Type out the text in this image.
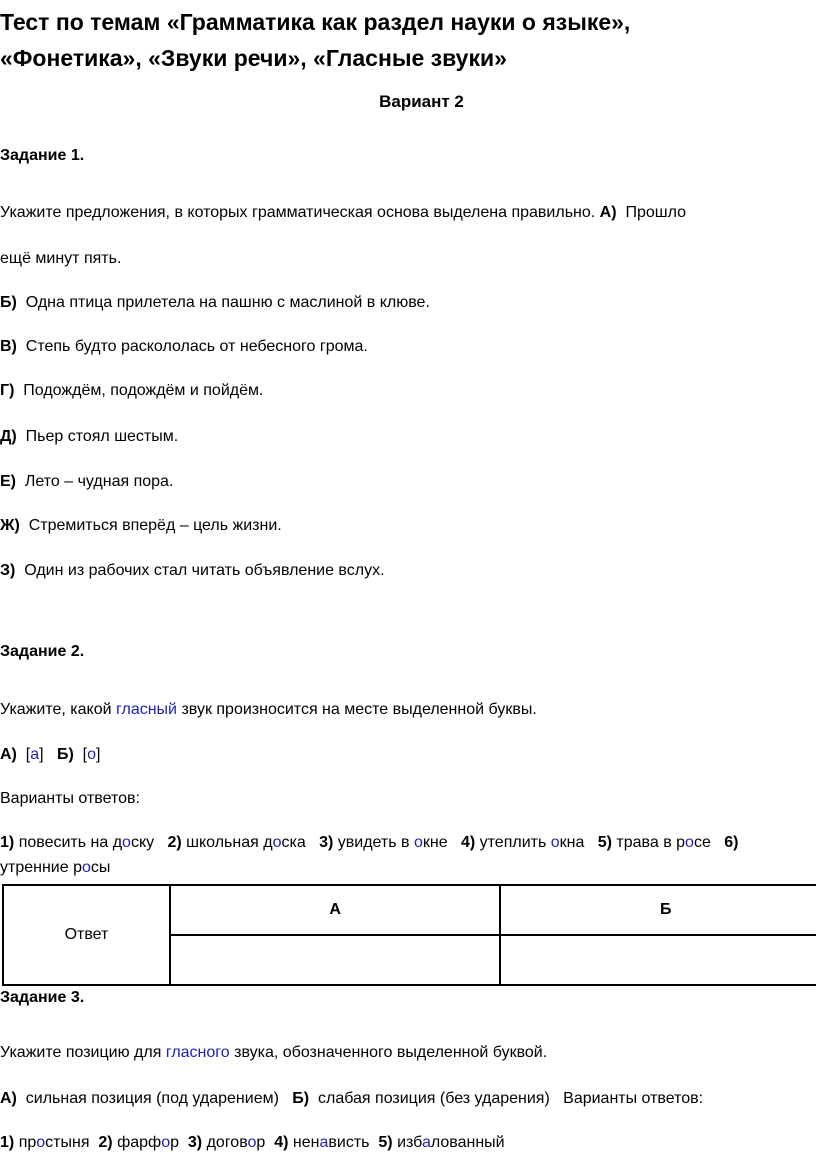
Тест по темам «Грамматика как раздел науки о языке»,
«Фонетика», «Звуки речи», «Гласные звуки»
Вариант 2
Задание 1.
Укажите предложения, в которых грамматическая основа выделена правильно. А) Прошло
ещё минут пять.
Б) Одна птица прилетела на пашню с маслиной в клюве.
В) Степь будто раскололась от небесного грома.
Г) Подождём, подождём и пойдём.
Д) Пьер стоял шестым.
Е) Лето – чудная пора.
Ж) Стремиться вперёд – цель жизни.
З) Один из рабочих стал читать объявление вслух.
Задание 2.
Укажите, какой гласный звук произносится на месте выделенной буквы.
А) [а] Б) [о]
Варианты ответов:
1) повесить на доску 2) школьная доска 3) увидеть в окне 4) утеплить окна 5) трава в росе 6)
утренние росы
Ответ	А	Б

Задание 3.
Укажите позицию для гласного звука, обозначенного выделенной буквой.
А) сильная позиция (под ударением) Б) слабая позиция (без ударения) Варианты ответов:
1) простыня 2) фарфор 3) договор 4) ненависть 5) избалованный
